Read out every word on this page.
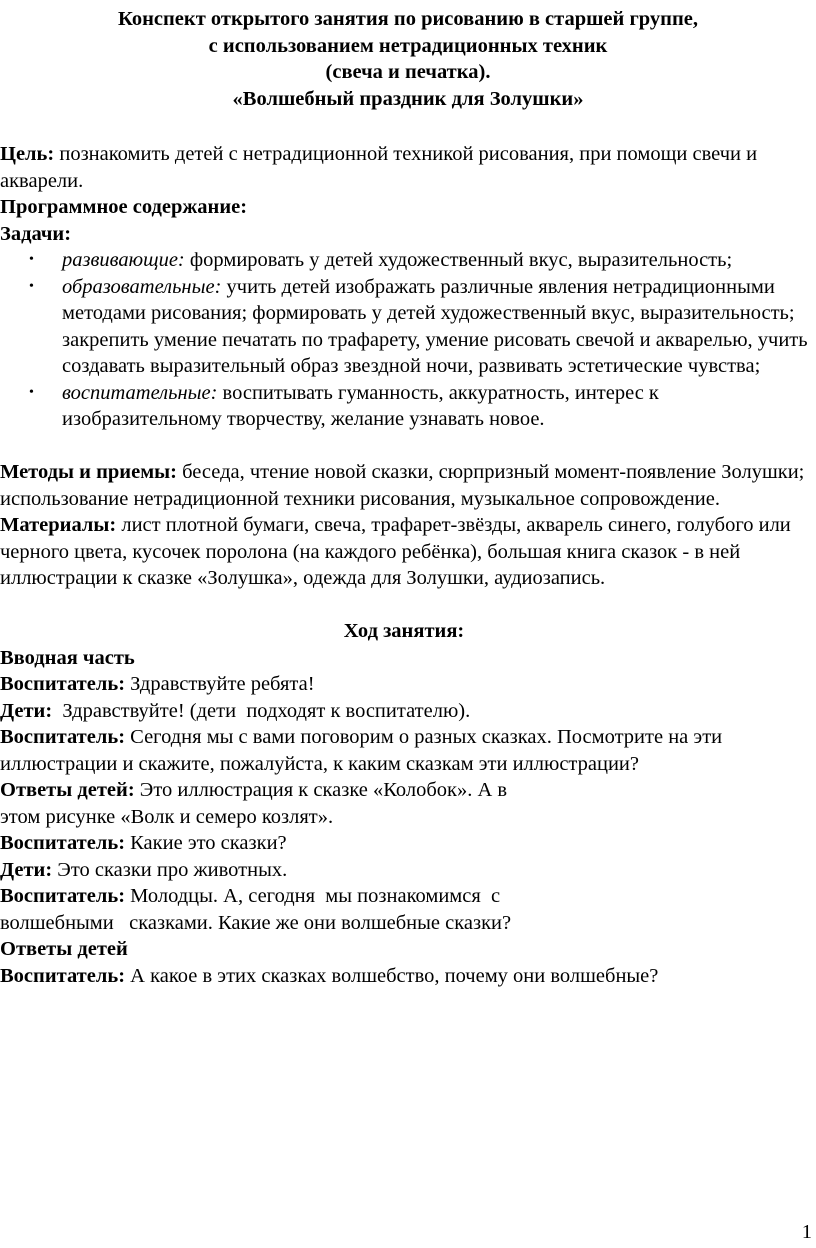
Конспект открытого занятия по рисованию в старшей группе,
с использованием нетрадиционных техник
(свеча и печатка).
«Волшебный праздник для Золушки»

Цель: познакомить детей с нетрадиционной техникой рисования, при помощи свечи и акварели.

Программное содержание:

Задачи:

• развивающие: формировать у детей художественный вкус, выразительность;
• образовательные: учить детей изображать различные явления нетрадиционными методами рисования; формировать у детей художественный вкус, выразительность;
закрепить умение печатать по трафарету, умение рисовать свечой и акварелью, учить создавать выразительный образ звездной ночи, развивать эстетические чувства;
• воспитательные: воспитывать гуманность, аккуратность, интерес к изобразительному творчеству, желание узнавать новое.

Методы и приемы: беседа, чтение новой сказки, сюрпризный момент-появление Золушки; использование нетрадиционной техники рисования, музыкальное сопровождение.

Материалы: лист плотной бумаги, свеча, трафарет-звёзды, акварель синего, голубого или черного цвета, кусочек поролона (на каждого ребёнка), большая книга сказок - в ней иллюстрации к сказке «Золушка», одежда для Золушки, аудиозапись.

Ход занятия:

Вводная часть

Воспитатель: Здравствуйте ребята!

Дети:  Здравствуйте! (дети  подходят к воспитателю).

Воспитатель: Сегодня мы с вами поговорим о разных сказках. Посмотрите на эти иллюстрации и скажите, пожалуйста, к каким сказкам эти иллюстрации?

Ответы детей: Это иллюстрация к сказке «Колобок». А в

этом рисунке «Волк и семеро козлят».

Воспитатель: Какие это сказки?

Дети: Это сказки про животных.

Воспитатель: Молодцы. А, сегодня  мы познакомимся  с

волшебными   сказками. Какие же они волшебные сказки?

Ответы детей

Воспитатель: А какое в этих сказках волшебство, почему они волшебные?

1
